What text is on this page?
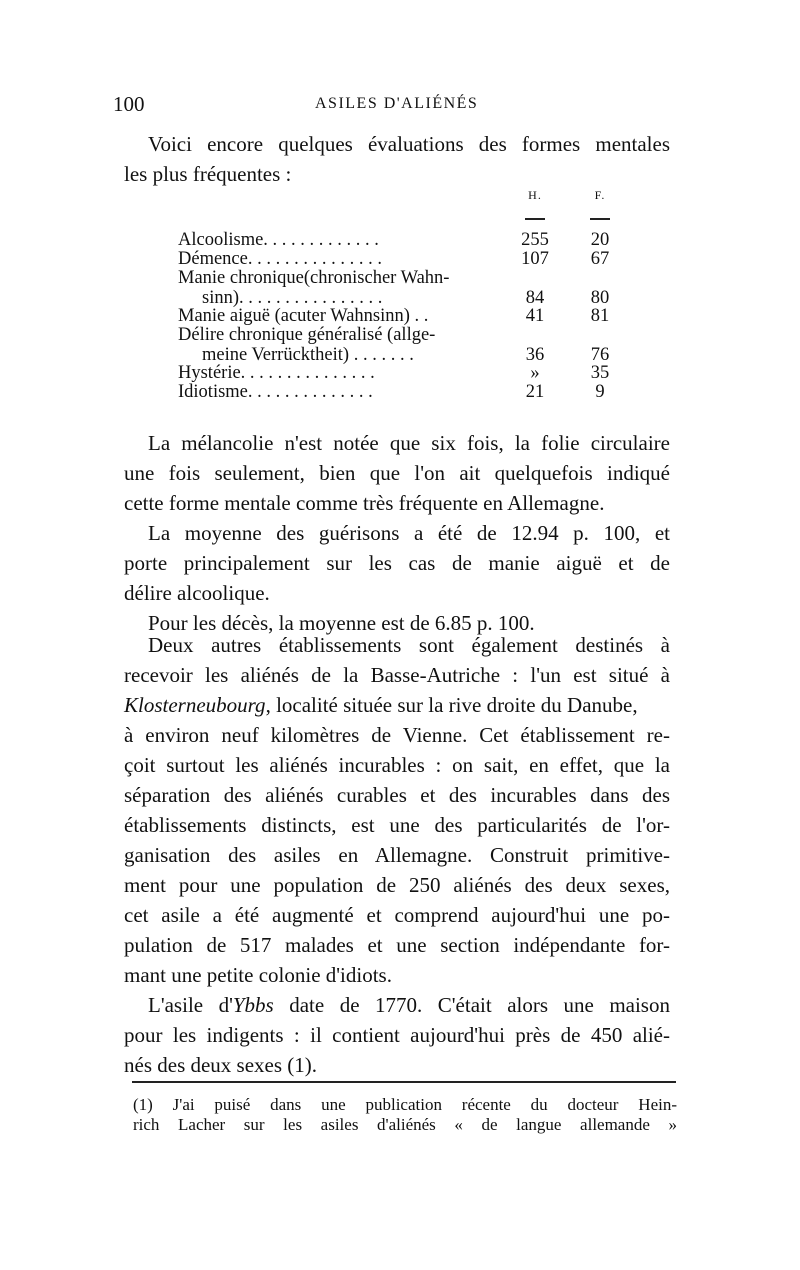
100	ASILES D'ALIÉNÉS
Voici encore quelques évaluations des formes mentales
les plus fréquentes :
H.	F.
Alcoolisme. . . . . . . . . . . . .	255	20
Démence. . . . . . . . . . . . . . .	107	67
Manie chronique(chronischer Wahn-
sinn). . . . . . . . . . . . . . . .	84	80
Manie aiguë (acuter Wahnsinn) . .	41	81
Délire chronique généralisé (allge-
meine Verrücktheit) . . . . . . .	36	76
Hystérie. . . . . . . . . . . . . . .	»	35
Idiotisme. . . . . . . . . . . . . .	21	9
La mélancolie n'est notée que six fois, la folie circulaire
une fois seulement, bien que l'on ait quelquefois indiqué
cette forme mentale comme très fréquente en Allemagne.
La moyenne des guérisons a été de 12.94 p. 100, et
porte principalement sur les cas de manie aiguë et de
délire alcoolique.
Pour les décès, la moyenne est de 6.85 p. 100.
Deux autres établissements sont également destinés à
recevoir les aliénés de la Basse-Autriche : l'un est situé à
Klosterneubourg, localité située sur la rive droite du Danube,
à environ neuf kilomètres de Vienne. Cet établissement re-
çoit surtout les aliénés incurables : on sait, en effet, que la
séparation des aliénés curables et des incurables dans des
établissements distincts, est une des particularités de l'or-
ganisation des asiles en Allemagne. Construit primitive-
ment pour une population de 250 aliénés des deux sexes,
cet asile a été augmenté et comprend aujourd'hui une po-
pulation de 517 malades et une section indépendante for-
mant une petite colonie d'idiots.
L'asile d'Ybbs date de 1770. C'était alors une maison
pour les indigents : il contient aujourd'hui près de 450 alié-
nés des deux sexes (1).
(1) J'ai puisé dans une publication récente du docteur Hein-
rich Lacher sur les asiles d'aliénés « de langue allemande »
